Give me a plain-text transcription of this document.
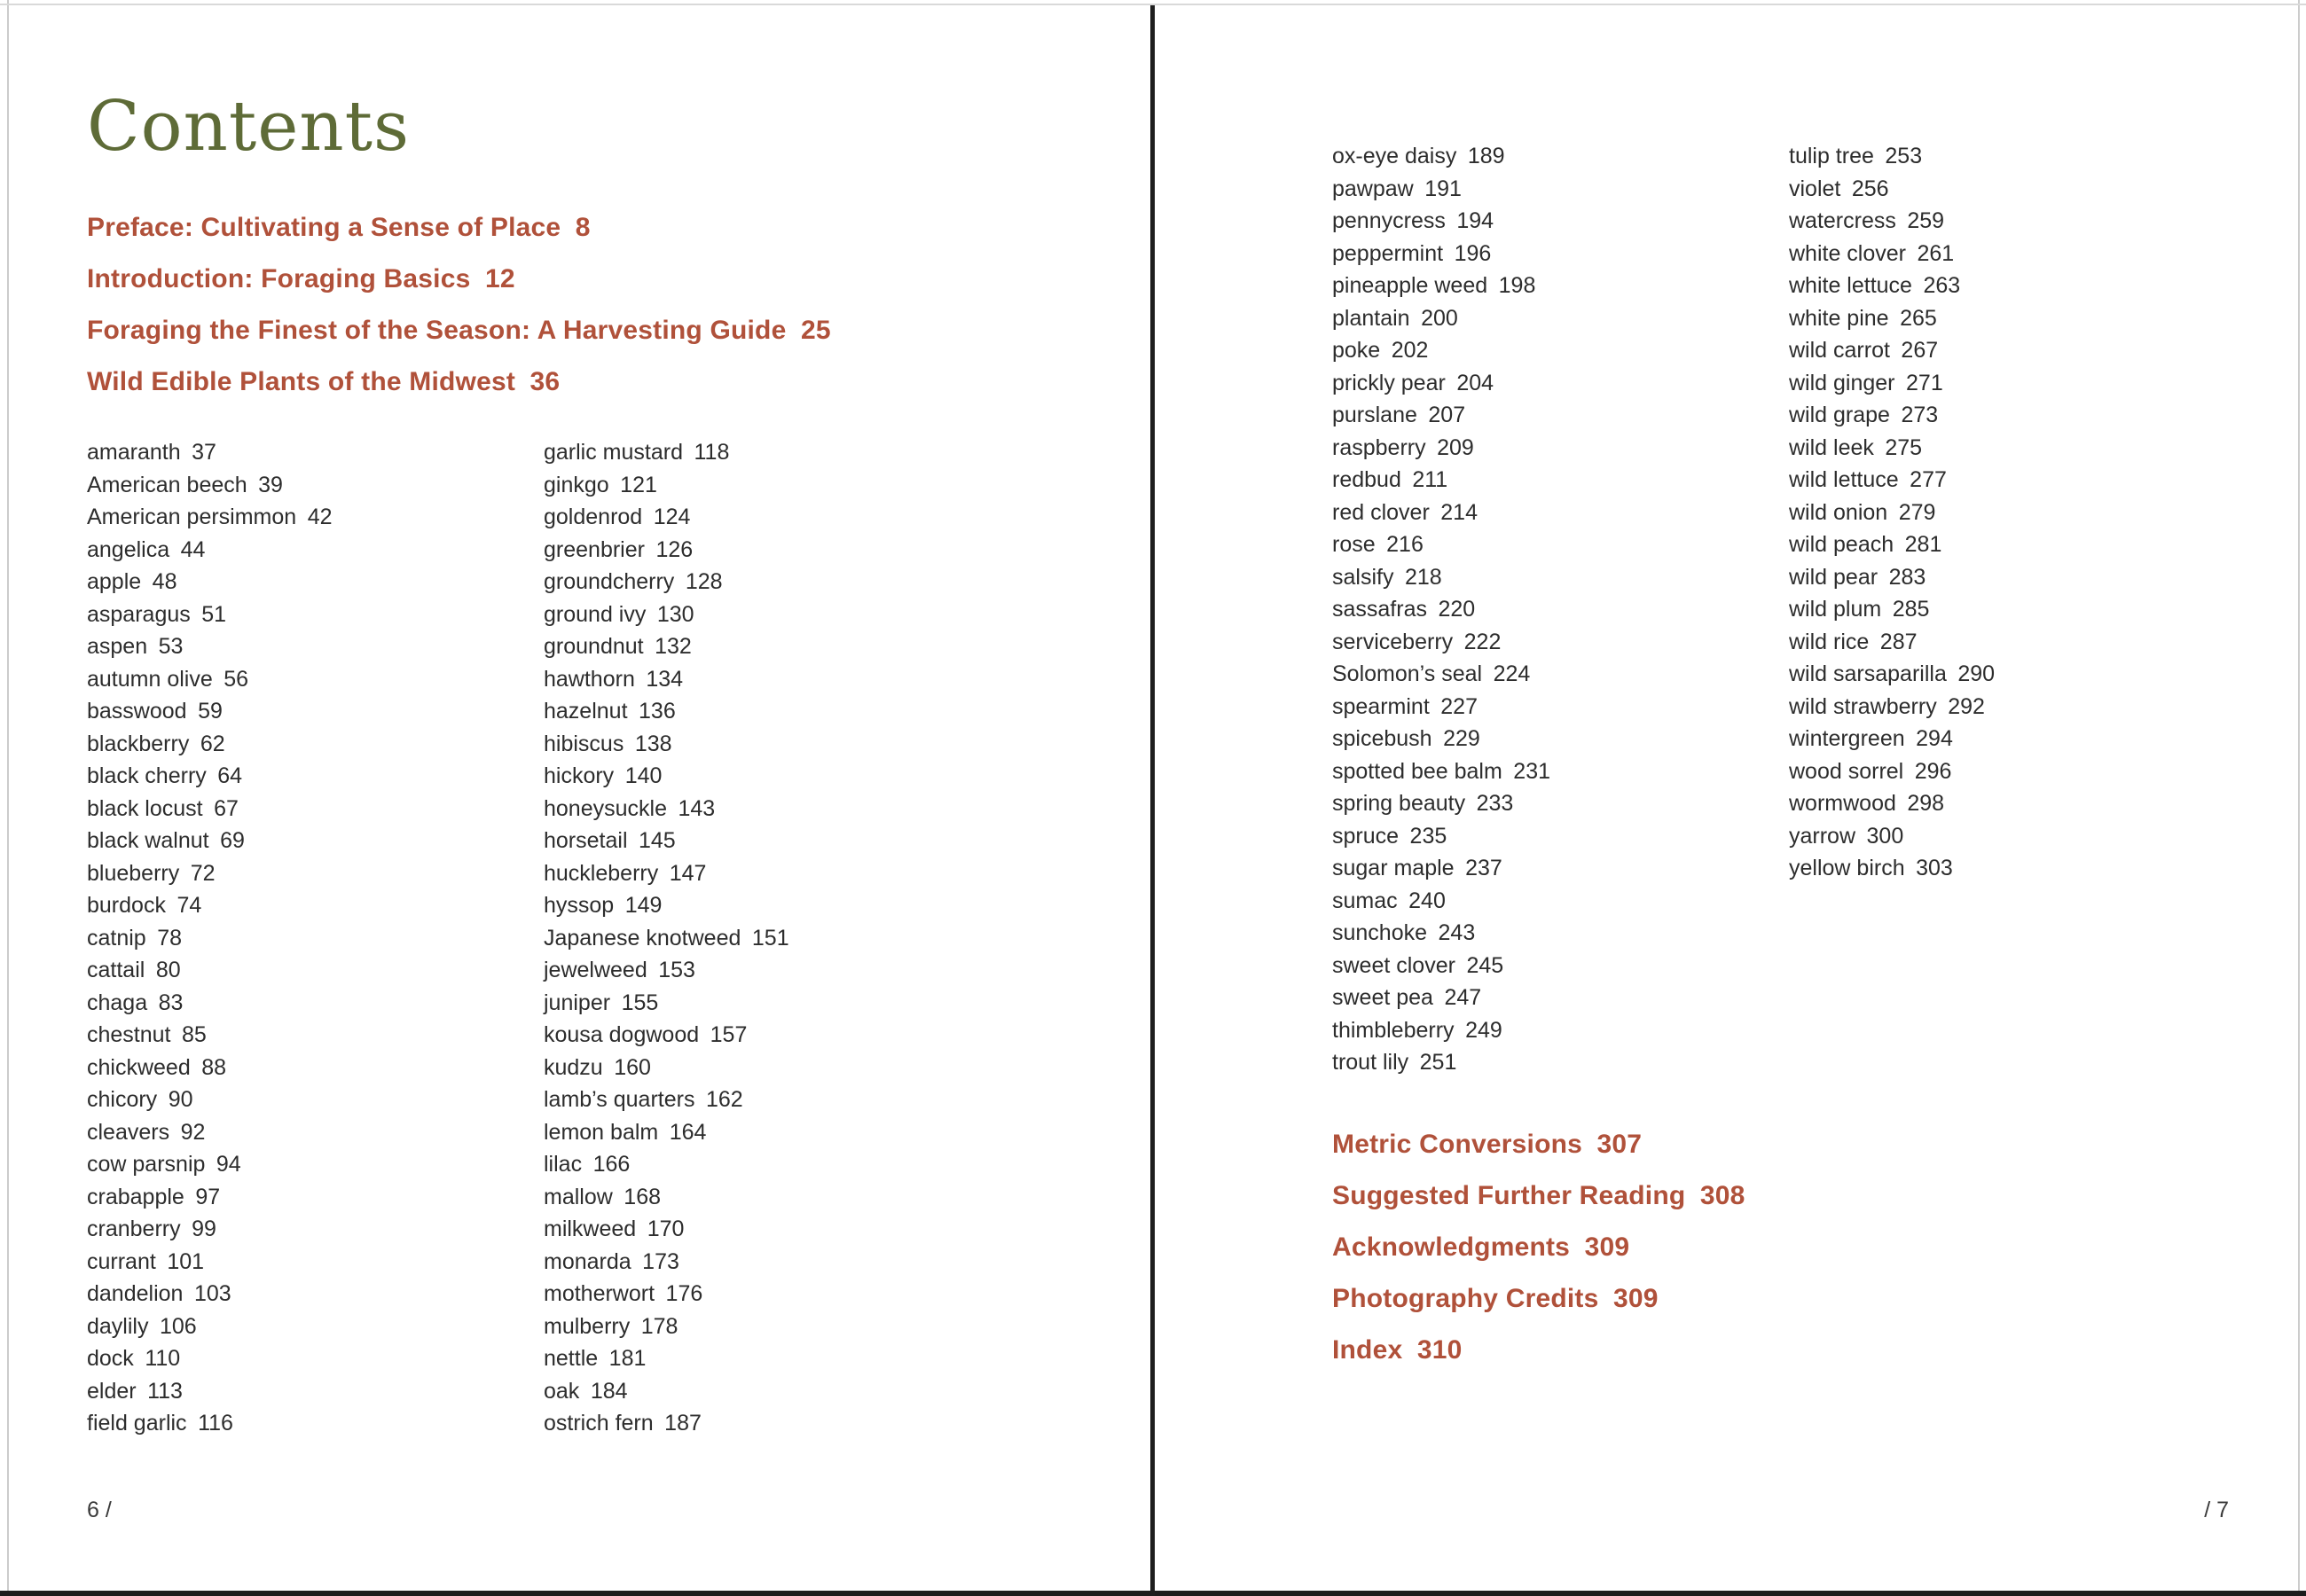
Contents
Preface: Cultivating a Sense of Place 8
Introduction: Foraging Basics 12
Foraging the Finest of the Season: A Harvesting Guide 25
Wild Edible Plants of the Midwest 36
amaranth 37
American beech 39
American persimmon 42
angelica 44
apple 48
asparagus 51
aspen 53
autumn olive 56
basswood 59
blackberry 62
black cherry 64
black locust 67
black walnut 69
blueberry 72
burdock 74
catnip 78
cattail 80
chaga 83
chestnut 85
chickweed 88
chicory 90
cleavers 92
cow parsnip 94
crabapple 97
cranberry 99
currant 101
dandelion 103
daylily 106
dock 110
elder 113
field garlic 116
garlic mustard 118
ginkgo 121
goldenrod 124
greenbrier 126
groundcherry 128
ground ivy 130
groundnut 132
hawthorn 134
hazelnut 136
hibiscus 138
hickory 140
honeysuckle 143
horsetail 145
huckleberry 147
hyssop 149
Japanese knotweed 151
jewelweed 153
juniper 155
kousa dogwood 157
kudzu 160
lamb’s quarters 162
lemon balm 164
lilac 166
mallow 168
milkweed 170
monarda 173
motherwort 176
mulberry 178
nettle 181
oak 184
ostrich fern 187
6 /
ox-eye daisy 189
pawpaw 191
pennycress 194
peppermint 196
pineapple weed 198
plantain 200
poke 202
prickly pear 204
purslane 207
raspberry 209
redbud 211
red clover 214
rose 216
salsify 218
sassafras 220
serviceberry 222
Solomon’s seal 224
spearmint 227
spicebush 229
spotted bee balm 231
spring beauty 233
spruce 235
sugar maple 237
sumac 240
sunchoke 243
sweet clover 245
sweet pea 247
thimbleberry 249
trout lily 251
tulip tree 253
violet 256
watercress 259
white clover 261
white lettuce 263
white pine 265
wild carrot 267
wild ginger 271
wild grape 273
wild leek 275
wild lettuce 277
wild onion 279
wild peach 281
wild pear 283
wild plum 285
wild rice 287
wild sarsaparilla 290
wild strawberry 292
wintergreen 294
wood sorrel 296
wormwood 298
yarrow 300
yellow birch 303
Metric Conversions 307
Suggested Further Reading 308
Acknowledgments 309
Photography Credits 309
Index 310
/ 7
